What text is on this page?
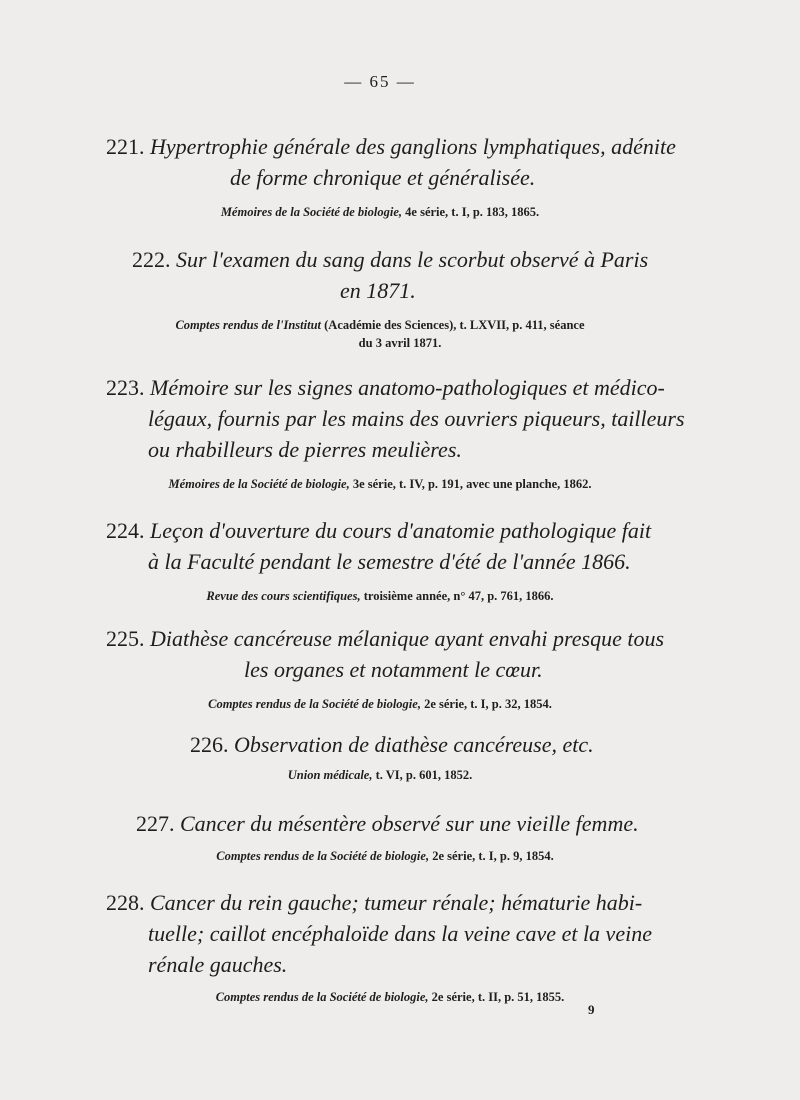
— 65 —

221. Hypertrophie générale des ganglions lymphatiques, adénite
de forme chronique et généralisée.

Mémoires de la Société de biologie, 4e série, t. I, p. 183, 1865.

222. Sur l'examen du sang dans le scorbut observé à Paris
en 1871.

Comptes rendus de l'Institut (Académie des Sciences), t. LXVII, p. 411, séance
du 3 avril 1871.

223. Mémoire sur les signes anatomo-pathologiques et médico-
légaux, fournis par les mains des ouvriers piqueurs, tailleurs
ou rhabilleurs de pierres meulières.

Mémoires de la Société de biologie, 3e série, t. IV, p. 191, avec une planche, 1862.

224. Leçon d'ouverture du cours d'anatomie pathologique fait
à la Faculté pendant le semestre d'été de l'année 1866.

Revue des cours scientifiques, troisième année, n° 47, p. 761, 1866.

225. Diathèse cancéreuse mélanique ayant envahi presque tous
les organes et notamment le cœur.

Comptes rendus de la Société de biologie, 2e série, t. I, p. 32, 1854.

226. Observation de diathèse cancéreuse, etc.

Union médicale, t. VI, p. 601, 1852.

227. Cancer du mésentère observé sur une vieille femme.

Comptes rendus de la Société de biologie, 2e série, t. I, p. 9, 1854.

228. Cancer du rein gauche; tumeur rénale; hématurie habi-
tuelle; caillot encéphaloïde dans la veine cave et la veine
rénale gauches.

Comptes rendus de la Société de biologie, 2e série, t. II, p. 51, 1855.

9
